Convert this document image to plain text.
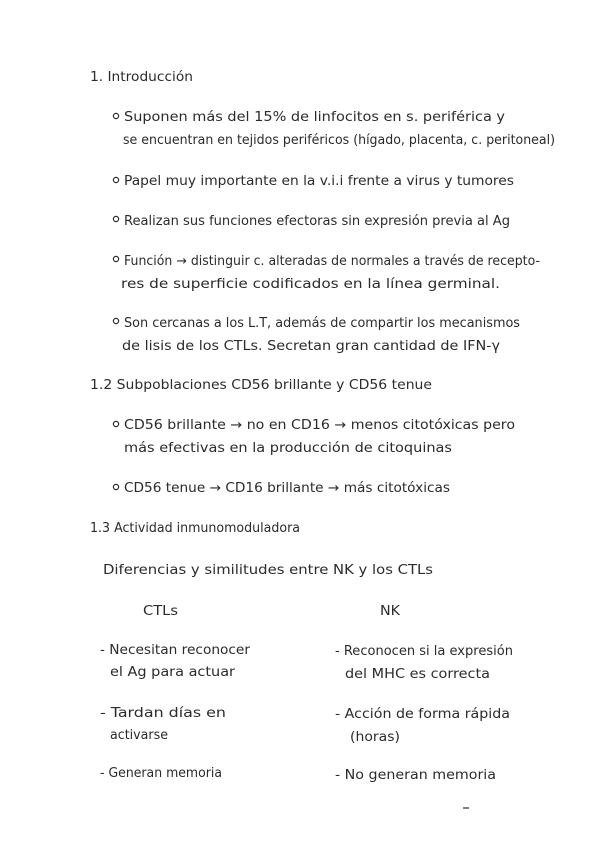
1. Introducción
Suponen más del 15% de linfocitos en s. periférica y
se encuentran en tejidos periféricos (hígado, placenta, c. peritoneal)
Papel muy importante en la v.i.i frente a virus y tumores
Realizan sus funciones efectoras sin expresión previa al Ag
Función → distinguir c. alteradas de normales a través de recepto-
res de superficie codificados en la línea germinal.
Son cercanas a los L.T, además de compartir los mecanismos
de lisis de los CTLs. Secretan gran cantidad de IFN-γ
1.2 Subpoblaciones CD56 brillante y CD56 tenue
CD56 brillante → no en CD16 → menos citotóxicas pero
más efectivas en la producción de citoquinas
CD56 tenue → CD16 brillante → más citotóxicas
1.3 Actividad inmunomoduladora
Diferencias y similitudes entre NK y los CTLs
CTLs
- Necesitan reconocer
el Ag para actuar
- Tardan días en
activarse
- Generan memoria
NK
- Reconocen si la expresión
del MHC es correcta
- Acción de forma rápida
(horas)
- No generan memoria
